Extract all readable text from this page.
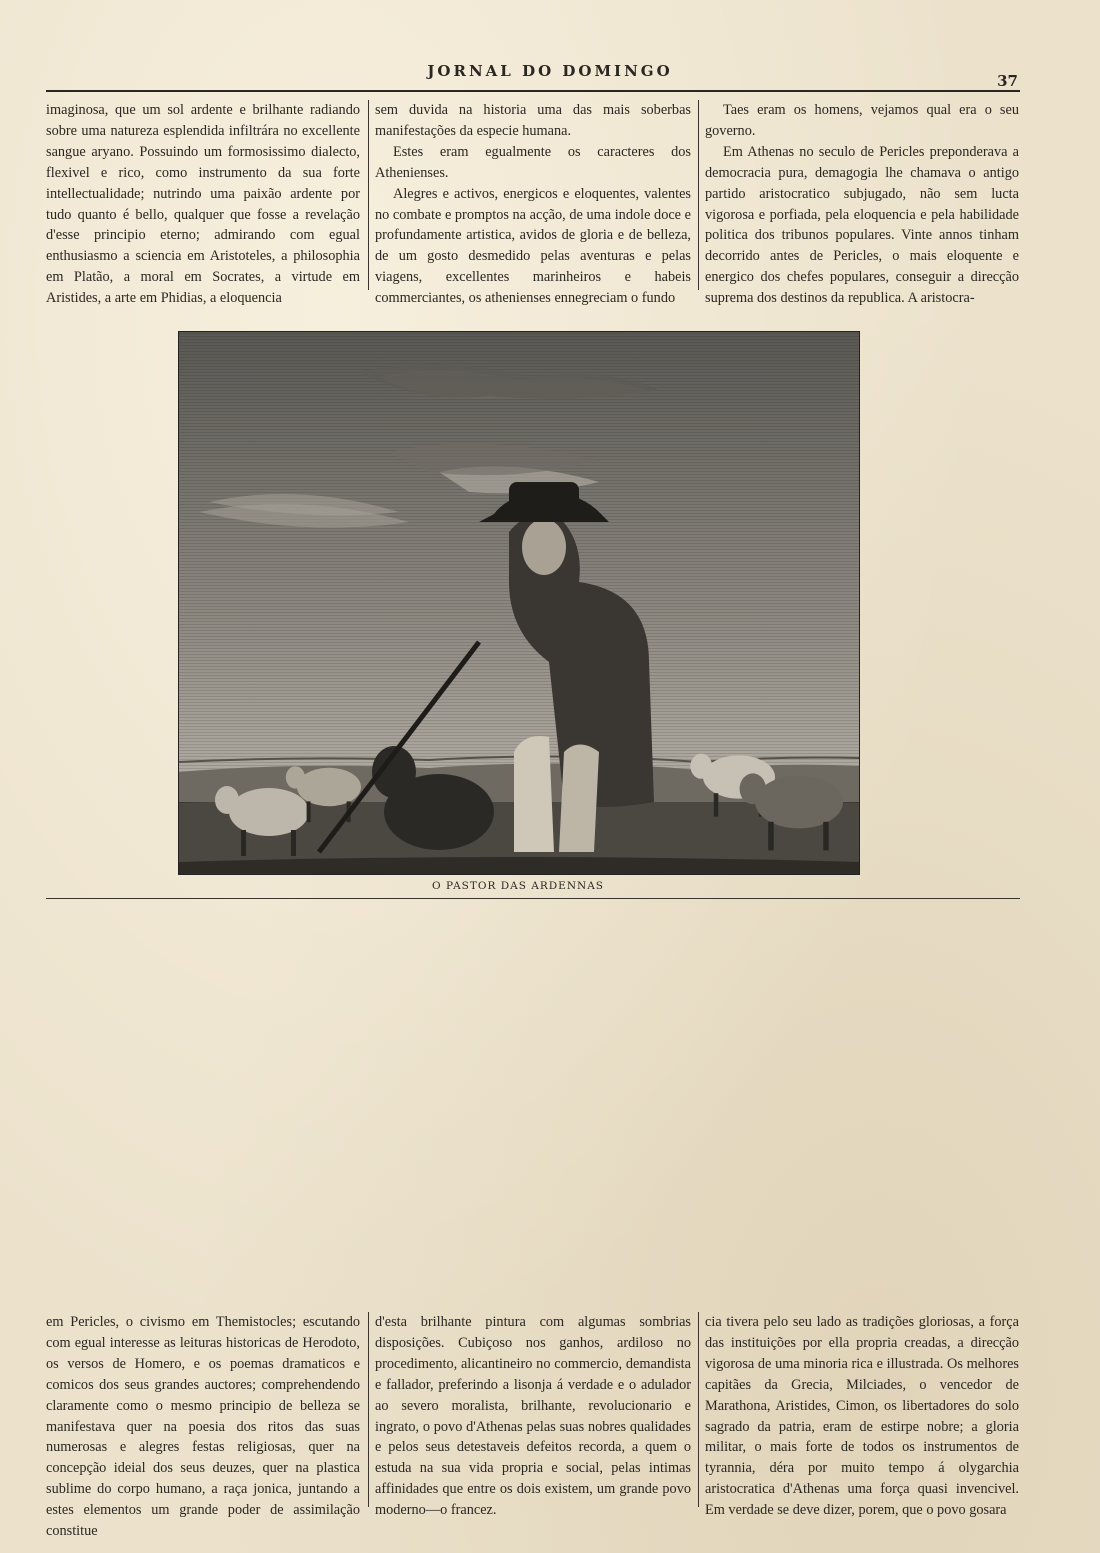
JORNAL DO DOMINGO
37

imaginosa, que um sol ardente e brilhante radiando sobre uma natureza esplendida infiltrára no excellente sangue aryano. Possuindo um formosissimo dialecto, flexivel e rico, como instrumento da sua forte intellectualidade; nutrindo uma paixão ardente por tudo quanto é bello, qualquer que fosse a revelação d'esse principio eterno; admirando com egual enthusiasmo a sciencia em Aristoteles, a philosophia em Platão, a moral em Socrates, a virtude em Aristides, a arte em Phidias, a eloquencia

sem duvida na historia uma das mais soberbas manifestações da especie humana.

Estes eram egualmente os caracteres dos Athenienses.

Alegres e activos, energicos e eloquentes, valentes no combate e promptos na acção, de uma indole doce e profundamente artistica, avidos de gloria e de belleza, de um gosto desmedido pelas aventuras e pelas viagens, excellentes marinheiros e habeis commerciantes, os athenienses ennegreciam o fundo

Taes eram os homens, vejamos qual era o seu governo.

Em Athenas no seculo de Pericles preponderava a democracia pura, demagogia lhe chamava o antigo partido aristocratico subjugado, não sem lucta vigorosa e porfiada, pela eloquencia e pela habilidade politica dos tribunos populares. Vinte annos tinham decorrido antes de Pericles, o mais eloquente e energico dos chefes populares, conseguir a direcção suprema dos destinos da republica. A aristocra-

O PASTOR DAS ARDENNAS

em Pericles, o civismo em Themistocles; escutando com egual interesse as leituras historicas de Herodoto, os versos de Homero, e os poemas dramaticos e comicos dos seus grandes auctores; comprehendendo claramente como o mesmo principio de belleza se manifestava quer na poesia dos ritos das suas numerosas e alegres festas religiosas, quer na concepção ideial dos seus deuzes, quer na plastica sublime do corpo humano, a raça jonica, juntando a estes elementos um grande poder de assimilação constitue

d'esta brilhante pintura com algumas sombrias disposições. Cubiçoso nos ganhos, ardiloso no procedimento, alicantineiro no commercio, demandista e fallador, preferindo a lisonja á verdade e o adulador ao severo moralista, brilhante, revolucionario e ingrato, o povo d'Athenas pelas suas nobres qualidades e pelos seus detestaveis defeitos recorda, a quem o estuda na sua vida propria e social, pelas intimas affinidades que entre os dois existem, um grande povo moderno—o francez.

cia tivera pelo seu lado as tradições gloriosas, a força das instituições por ella propria creadas, a direcção vigorosa de uma minoria rica e illustrada. Os melhores capitães da Grecia, Milciades, o vencedor de Marathona, Aristides, Cimon, os libertadores do solo sagrado da patria, eram de estirpe nobre; a gloria militar, o mais forte de todos os instrumentos de tyrannia, déra por muito tempo á olygarchia aristocratica d'Athenas uma força quasi invencivel. Em verdade se deve dizer, porem, que o povo gosara
